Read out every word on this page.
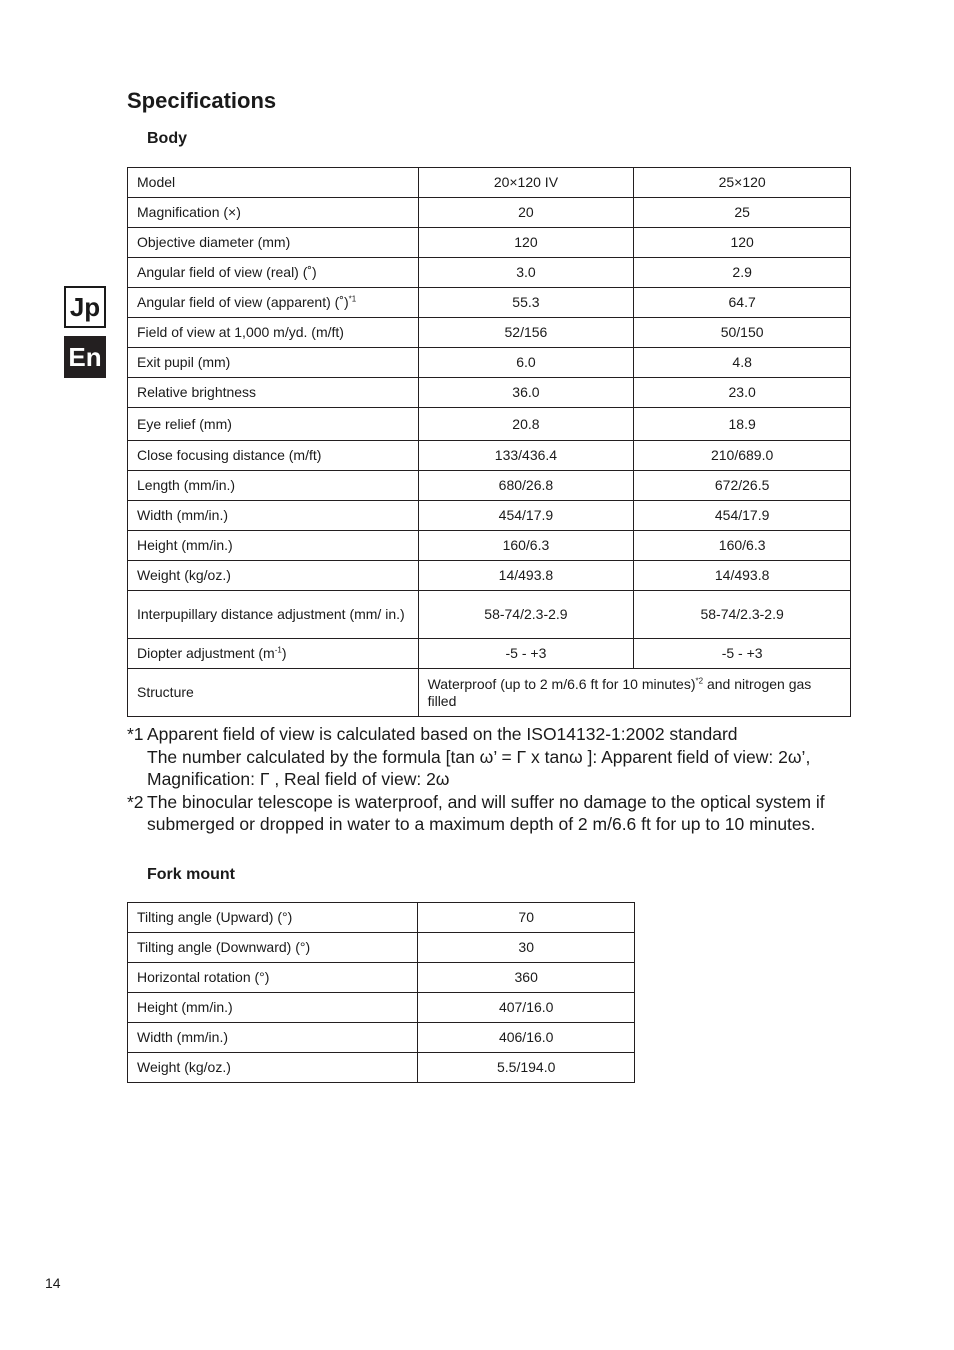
Specifications
Jp
En
Body
Model	20×120 IV	25×120
Magnification (×)	20	25
Objective diameter (mm)	120	120
Angular field of view (real) (˚)	3.0	2.9
Angular field of view (apparent) (˚)$^{*1}$	55.3	64.7
Field of view at 1,000 m/yd. (m/ft)	52/156	50/150
Exit pupil (mm)	6.0	4.8
Relative brightness	36.0	23.0
Eye relief (mm)	20.8	18.9
Close focusing distance (m/ft)	133/436.4	210/689.0
Length (mm/in.)	680/26.8	672/26.5
Width (mm/in.)	454/17.9	454/17.9
Height (mm/in.)	160/6.3	160/6.3
Weight (kg/oz.)	14/493.8	14/493.8
Interpupillary distance adjustment (mm/ in.)	58-74/2.3-2.9	58-74/2.3-2.9
Diopter adjustment $(m^{-1})$	-5 - +3	-5 - +3
Structure	Waterproof (up to 2 m/6.6 ft for 10 minutes)$^{*2}$ and nitrogen gas filled	
*1 Apparent field of view is calculated based on the ISO14132-1:2002 standard
The number calculated by the formula [tan ω’ = Γ x tanω ]: Apparent field of view: 2ω’, Magnification: Γ , Real field of view: 2ω
*2 The binocular telescope is waterproof, and will suffer no damage to the optical system if submerged or dropped in water to a maximum depth of 2 m/6.6 ft for up to 10 minutes.
Fork mount
Tilting angle (Upward) (°)	70
Tilting angle (Downward) (°)	30
Horizontal rotation (°)	360
Height (mm/in.)	407/16.0
Width (mm/in.)	406/16.0
Weight (kg/oz.)	5.5/194.0
14
